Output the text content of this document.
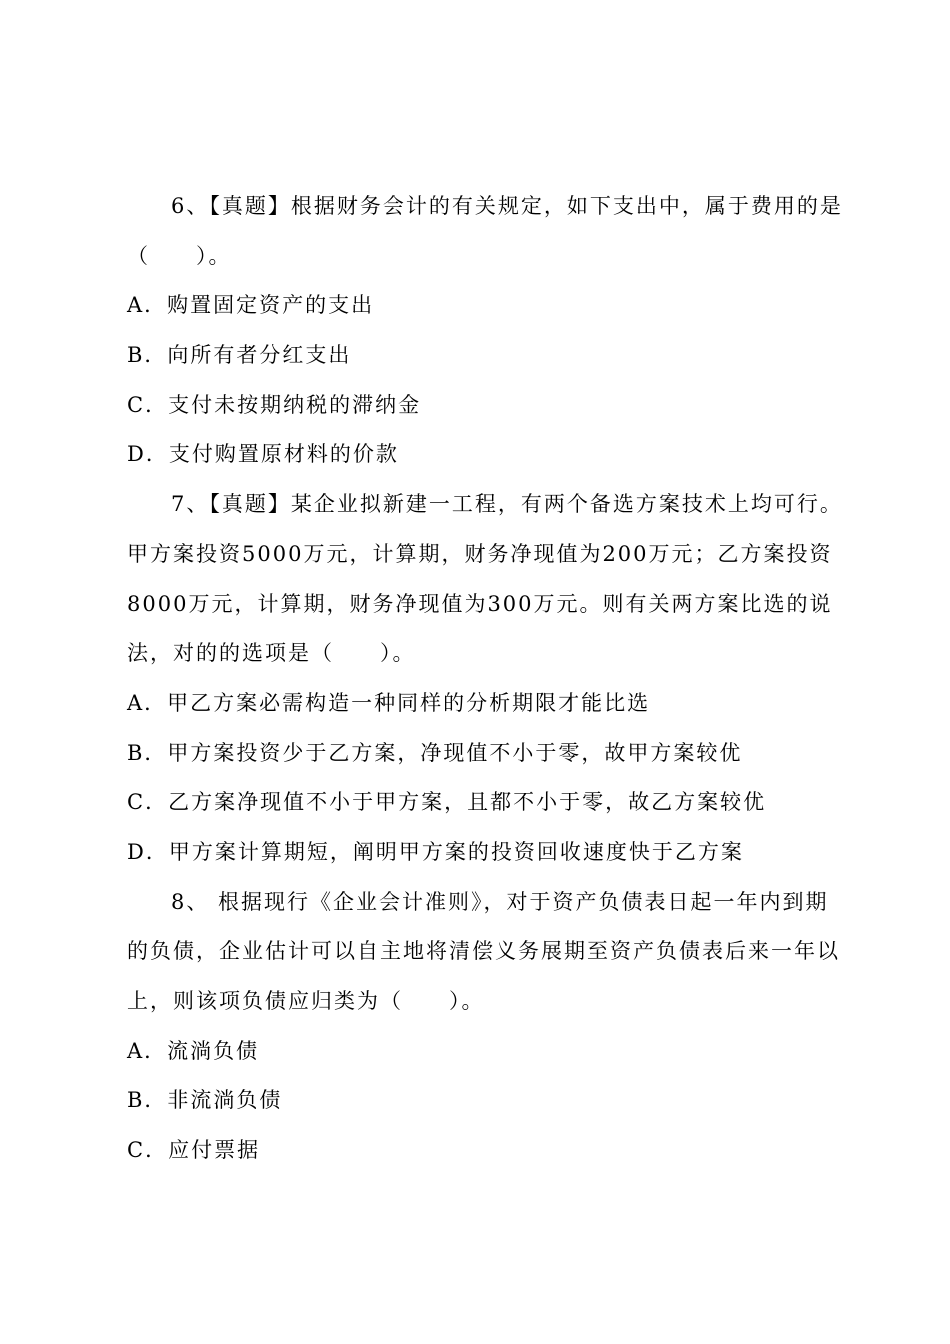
6、【真题】根据财务会计的有关规定，如下支出中，属于费用的是
（　　）。
A．购置固定资产的支出
B．向所有者分红支出
C．支付未按期纳税的滞纳金
D．支付购置原材料的价款
7、【真题】某企业拟新建一工程，有两个备选方案技术上均可行。
甲方案投资5000万元，计算期，财务净现值为200万元；乙方案投资
8000万元，计算期，财务净现值为300万元。则有关两方案比选的说
法，对的的选项是（　　）。
A．甲乙方案必需构造一种同样的分析期限才能比选
B．甲方案投资少于乙方案，净现值不小于零，故甲方案较优
C．乙方案净现值不小于甲方案，且都不小于零，故乙方案较优
D．甲方案计算期短，阐明甲方案的投资回收速度快于乙方案
8、 根据现行《企业会计准则》，对于资产负债表日起一年内到期
的负债，企业估计可以自主地将清偿义务展期至资产负债表后来一年以
上，则该项负债应归类为（　　）。
A．流淌负债
B．非流淌负债
C．应付票据
